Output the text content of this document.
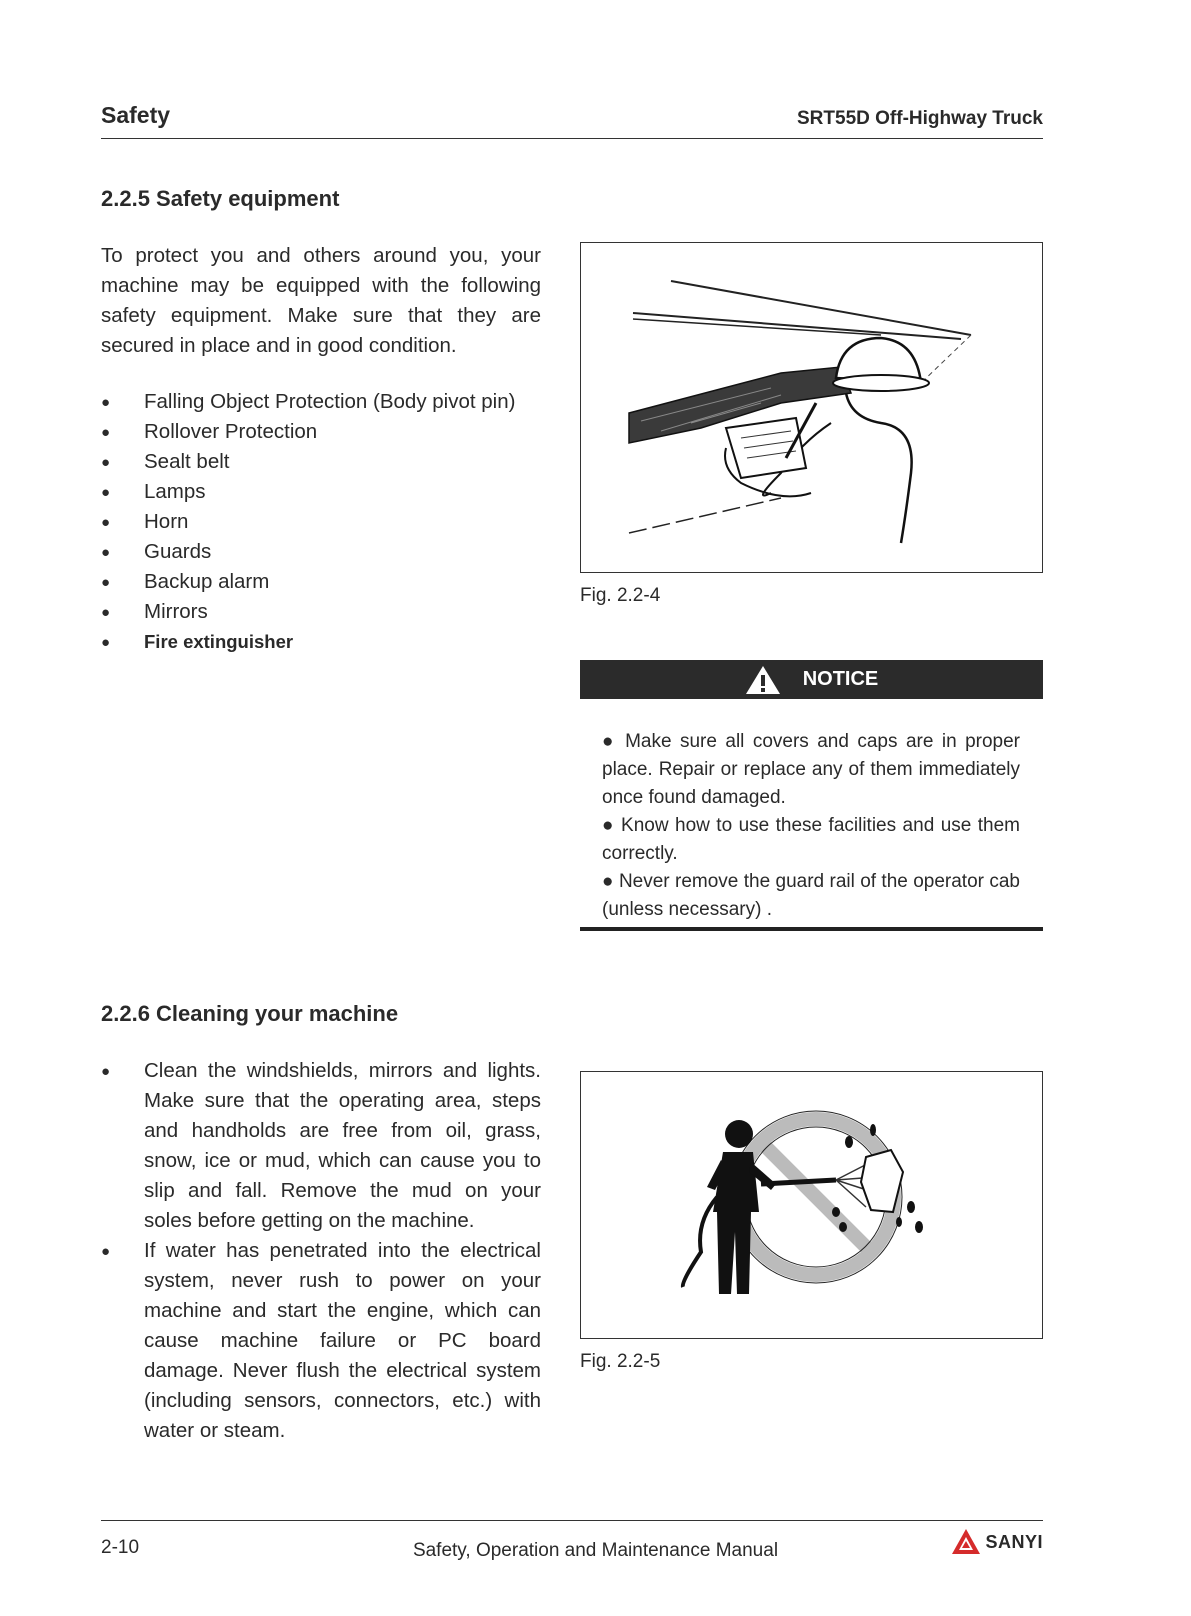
Safety	SRT55D Off-Highway Truck
2.2.5 Safety equipment

To protect you and others around you, your machine may be equipped with the following safety equipment. Make sure that they are secured in place and in good condition.

● Falling Object Protection (Body pivot pin)
● Rollover Protection
● Sealt belt
● Lamps
● Horn
● Guards
● Backup alarm
● Mirrors
● Fire extinguisher
Fig. 2.2-4
NOTICE

● Make sure all covers and caps are in proper place. Repair or replace any of them immediately once found damaged.

● Know how to use these facilities and use them correctly.

● Never remove the guard rail of the operator cab (unless necessary) .

2.2.6 Cleaning your machine
● Clean the windshields, mirrors and lights. Make sure that the operating area, steps and handholds are free from oil, grass, snow, ice or mud, which can cause you to slip and fall. Remove the mud on your soles before getting on the machine.
● If water has penetrated into the electrical system, never rush to power on your machine and start the engine, which can cause machine failure or PC board damage. Never flush the electrical system (including sensors, connectors, etc.) with water or steam.
Fig. 2.2-5
2-10	Safety, Operation and Maintenance Manual	SANYI
